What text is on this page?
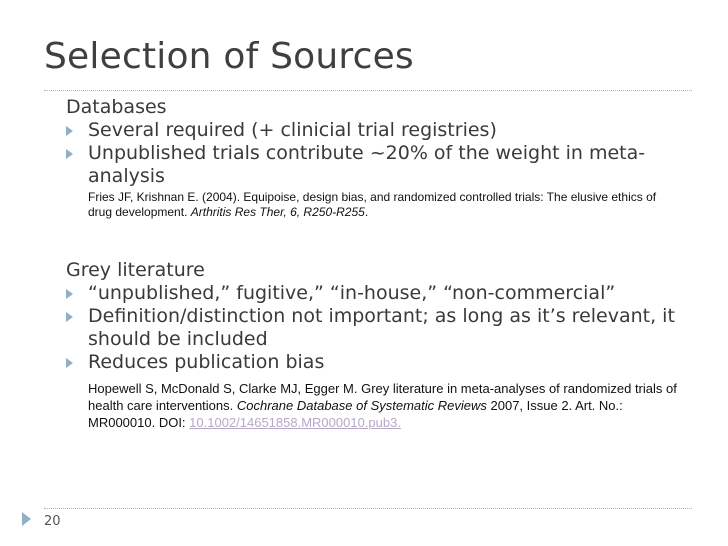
Selection of Sources
Databases
Several required (+ clinicial trial registries)
Unpublished trials contribute ~20% of the weight in meta-analysis
Fries JF, Krishnan E. (2004). Equipoise, design bias, and randomized controlled trials: The elusive ethics of drug development. Arthritis Res Ther, 6, R250-R255.
Grey literature
“unpublished,” fugitive,” “in-house,” “non-commercial”
Definition/distinction not important; as long as it’s relevant, it should be included
Reduces publication bias
Hopewell S, McDonald S, Clarke MJ, Egger M. Grey literature in meta-analyses of randomized trials of health care interventions. Cochrane Database of Systematic Reviews 2007, Issue 2. Art. No.: MR000010. DOI: 10.1002/14651858.MR000010.pub3.
20
